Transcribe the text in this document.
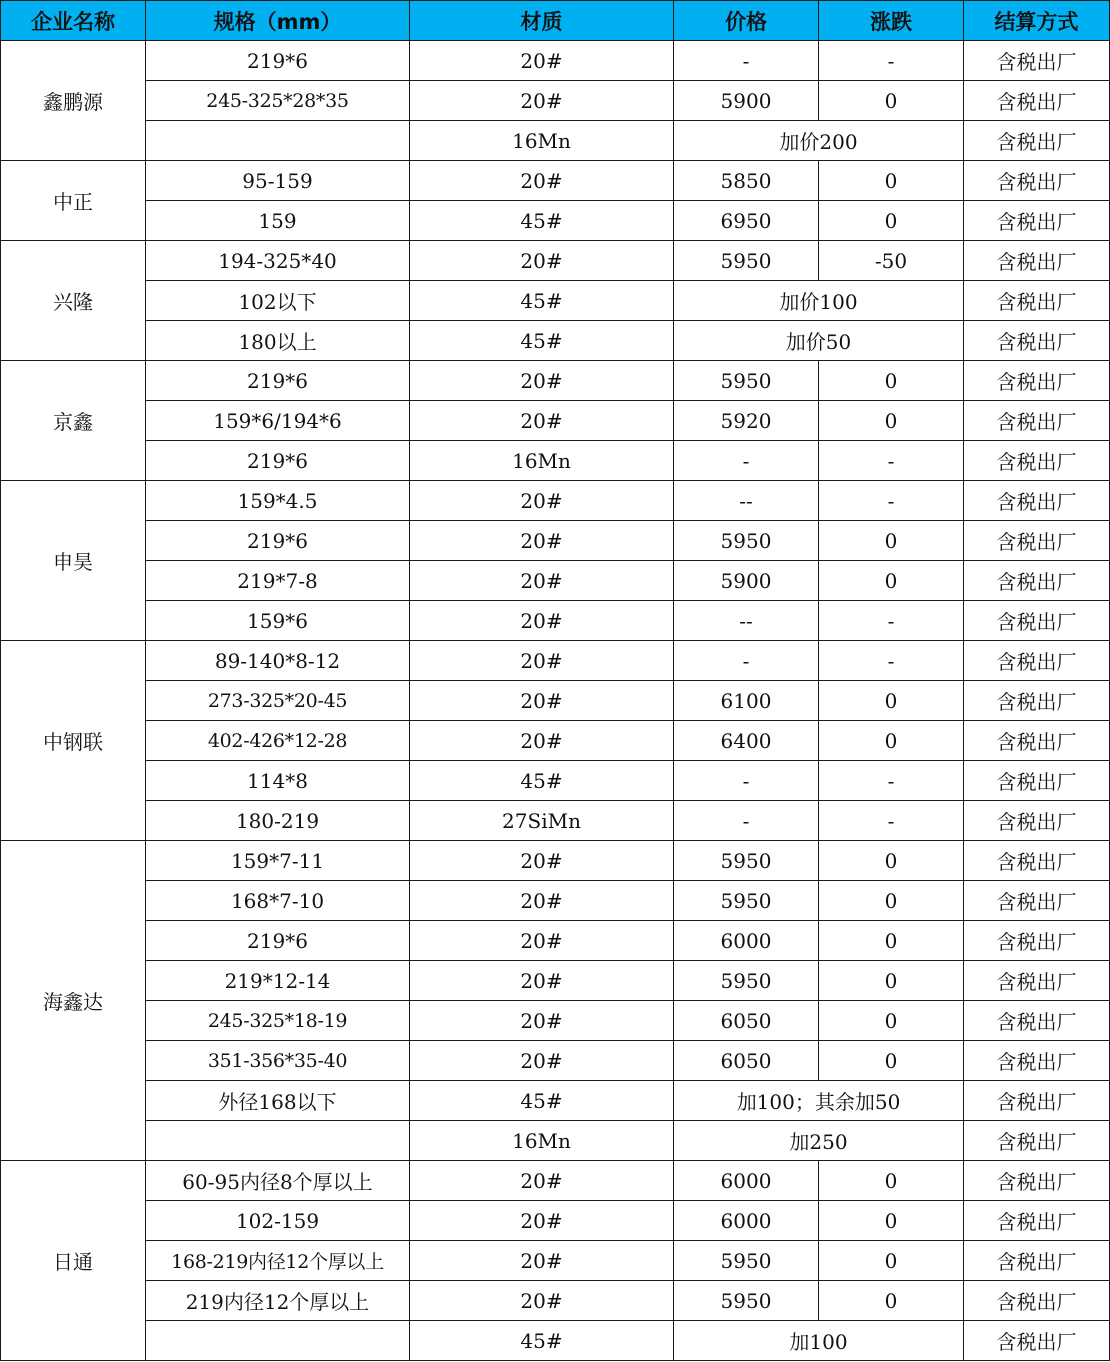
企业名称	规格（mm）	材质	价格	涨跌	结算方式
鑫鹏源	219*6	20#	-	-	含税出厂
	245-325*28*35	20#	5900	0	含税出厂
		16Mn	加价200		含税出厂
中正	95-159	20#	5850	0	含税出厂
	159	45#	6950	0	含税出厂
兴隆	194-325*40	20#	5950	-50	含税出厂
	102以下	45#	加价100		含税出厂
	180以上	45#	加价50		含税出厂
京鑫	219*6	20#	5950	0	含税出厂
	159*6/194*6	20#	5920	0	含税出厂
	219*6	16Mn	-	-	含税出厂
申昊	159*4.5	20#	--	-	含税出厂
	219*6	20#	5950	0	含税出厂
	219*7-8	20#	5900	0	含税出厂
	159*6	20#	--	-	含税出厂
中钢联	89-140*8-12	20#	-	-	含税出厂
	273-325*20-45	20#	6100	0	含税出厂
	402-426*12-28	20#	6400	0	含税出厂
	114*8	45#	-	-	含税出厂
	180-219	27SiMn	-	-	含税出厂
海鑫达	159*7-11	20#	5950	0	含税出厂
	168*7-10	20#	5950	0	含税出厂
	219*6	20#	6000	0	含税出厂
	219*12-14	20#	5950	0	含税出厂
	245-325*18-19	20#	6050	0	含税出厂
	351-356*35-40	20#	6050	0	含税出厂
	外径168以下	45#	加100；其余加50		含税出厂
		16Mn	加250		含税出厂
日通	60-95内径8个厚以上	20#	6000	0	含税出厂
	102-159	20#	6000	0	含税出厂
	168-219内径12个厚以上	20#	5950	0	含税出厂
	219内径12个厚以上	20#	5950	0	含税出厂
		45#	加100		含税出厂
